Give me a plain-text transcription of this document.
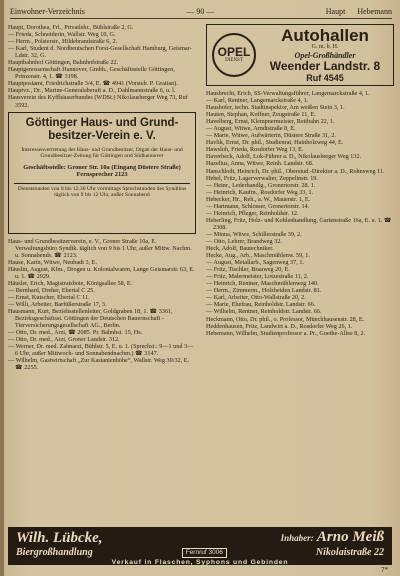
Einwohner-Verzeichnis	— 90 —	Haupt Hebemann
Haupt, Dorothea, Frl., Privatlehr., Bühlstraße 2, G.
— Frieda, Schneiderin, Wallstr. Weg 10, G.
— Herm., Polsterstr., Hildebrandstraße 6, 2.
— Karl, Student d. Nordbeutschen Forst-Gesellschaft Hamburg, Geismar-Ldstr. 32, G.
Hauptbahnhof Göttingen, Bahnhofstraße 22.
Hauptgenossenschaft Hannover, Gmbh., Geschäftsstelle Göttingen, Prinzenstr. 4, 1. ☎ 3198.
Hauptpostamt, Friedrichstraße 3/4, E. ☎ 4941 (Vorsteh. P. Gratian).
Hauptvz., Dr., Marine-Generalaberaft a. D., Dahlmannstraße 6, u. l.
Hausverein des Kyffhäuserbundes (WDSt.) Nikolausberger Weg 73, Ruf 3592.
Göttinger Haus- und Grund-
besitzer-Verein e. V.
Interessenvertretung der Haus- und Grundbesitzer, Organ der Haus- und Grundbesitzer-Zeitung für Göttingen und Südhannover
Geschäftsstelle: Groner Str. 10a (Eingang Düstere Straße) Fernsprecher 2123
Dienststunden von 8 bis 12.30 Uhr vormittags Sprechstunden des Syndikus täglich von 9 bis 12 Uhr, außer Sonnabend
Haus- und Grundbesitzerverein, e. V., Groner Straße 10a, E. Verwaltungsbüro Syndik. täglich von 9 bis 1 Uhr, außer Mittw. Nachm. u. Sonnabends. ☎ 2123.
Hause, Karin, Witwe, Neubadt 3, E.
Häuslin, August, Kfm., Drogen u. Kolonialwaren, Lange Geismarstr. 63, E. u. 1. ☎ 2929.
Häusler, Erich, Magistratsbote, Königsallee 58, E.
— Bernhard, Dreher, Ebertal C 25.
— Ernst, Kutscher, Ebertal C 11.
— Willi, Arbeiter, Barfüßerstraße 17, 3.
Hausmann, Kurt, Beziehsstellenleiter, Goldgraben 18, 1. ☎ 3361, Bezirksgeschäftsst. Göttingen der Deutschen Bauernschaft - Tierversicherungsgesellschaft AG., Berlin.
— Otto, Dr. med., Arzt, ☎ 2085. Pr. Bahnhst. 15, Hs.
— Otto, Dr. med., Arzt, Groner Landstr. 312.
— Werner, Dr. med. Zahnarzt, Bühlstr. 5, E. u. 1. (Sprechst.: 9—1 und 3—6 Uhr, außer Mittwoch- und Sonnabendnachm.) ☎ 3147.
— Wilhelm, Gastwirtschaft „Zur Kastanienhöhe“, Wallstr. Weg 30/32, E. ☎ 2255.
OPEL
DIENST
Autohallen
G. m. b. H.
Opel-Großhändler
Weender Landstr. 8
Ruf 4545
Hausbrecht, Erich, SS-Verwaltungsführer, Langemarckstraße 4, 1.
— Karl, Rentner, Langemarckstraße 4, 1.
Haushofer, techn. Stadtinspektor, Am weißen Stein 3, 1.
Hauten, Stephan, Koffner, Zeugstraße 11, E.
Havelberg, Ernst, Klempnermeister, Reitbahn 22, 1.
— August, Witwe, Arndtstraße 8, E.
— Marie, Witwe, Aufwärterin, Düstere Straße 31, 2.
Havlik, Ernst, Dr. phil., Studienrat, Hainholzweg 44, E.
Hawsloh, Frieda, Rosdorfer Weg 13, E.
Haverbeck, Adolf, Lok-Führer a. D., Nikolausberger Weg 132.
Hazelius, Anna, Witwe, Reinh. Landstr. 68.
Hanschlodt, Heinrich, Dr. phil., Oberstud.-Direktor a. D., Rohnsweg 11.
Hebel, Fritz, Lagerverwalter, Zeppelinstr. 19.
— Heinr., Lederhandlg., Gronertorstr. 28. 1.
— Heinrich, Kaufm., Rosdorfer Weg 33, 1.
Hebecker, Hr., Reh., a. W., Mauerstr. 1, E.
— Hartmann, Schlosser, Gronertorstr. 14.
— Heinrich, Pfleger, Reinholdstr. 12.
Heberling, Fritz, Holz- und Kohlenhandlung, Gartenstraße 16a, E. u. 1. ☎ 2308.
— Minna, Witwe, Schillerstraße 39, 2.
— Otto, Lehrer, Brandweg 32.
Heck, Adolf, Bautechniker.
Hecke, Aug., Arb., Maschmühlenw. 59, 1.
— August, Metallarb., Sagenweg 37, 1.
— Fritz, Tischler, Brauweg 20, E.
— Fritz, Malermeister, Lotzestraße 11, 2.
— Heinrich, Rentner, Maschmühlenweg 140.
— Herm., Zimmerm., Holzheiden Landstr. 81.
— Karl, Arbeiter, Otto-Wallstraße 20, 2.
— Marie, Ehefrau, Reinholdstr. Landstr. 66.
— Wilhelm, Rentner, Reinholdstr. Landstr. 66.
Heckmann, Otto, Dr. phil., o. Professor, Münchhausenstr. 28, E.
Heddenhausen, Fritz, Landwirt a. D., Rosdorfer Weg 26, 1.
Hebemann, Wilhelm, Studienprofessor a. Pr., Goethe-Allee 8, 2.
Wilh. Lübcke,	Inhaber: Arno Meiß
Biergroßhandlung	Fernruf 3006	Nikolaistraße 22
Verkauf in Flaschen, Syphons und Gebinden
7*
